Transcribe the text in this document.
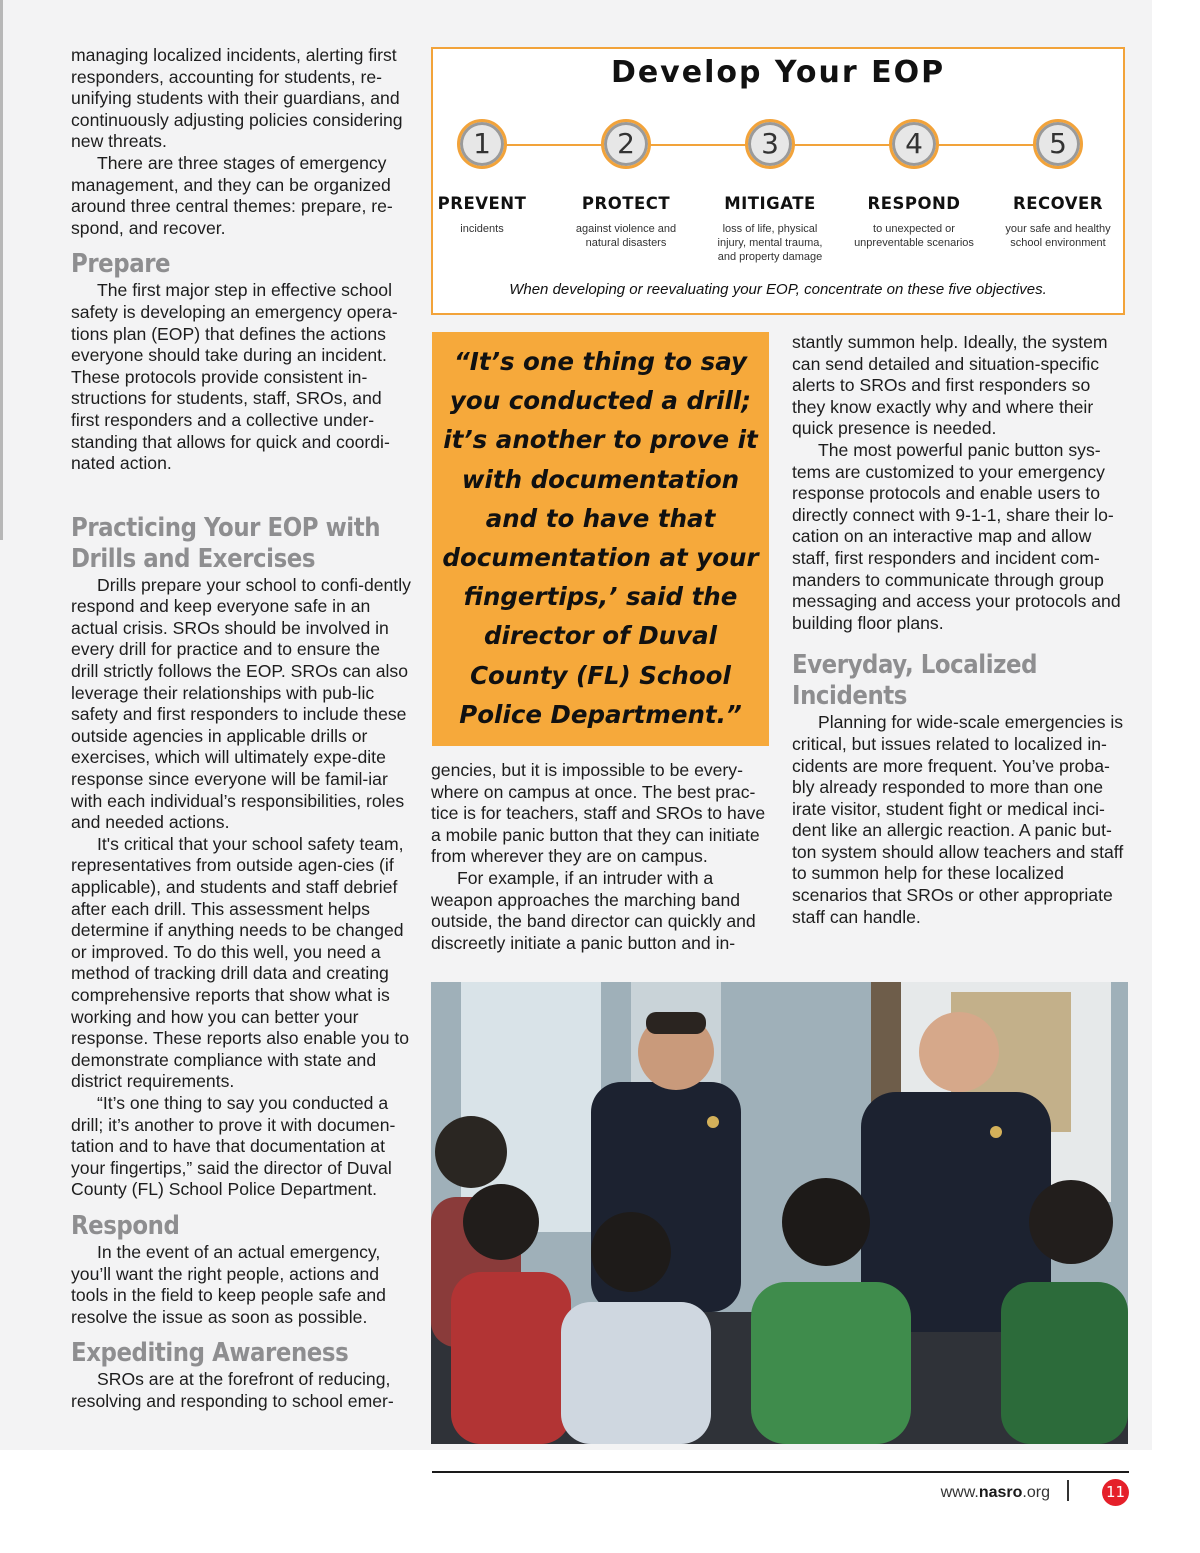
managing localized incidents, alerting first responders, accounting for students, re-unifying students with their guardians, and continuously adjusting policies considering new threats.

There are three stages of emergency management, and they can be organized around three central themes: prepare, re-spond, and recover.

Prepare

The first major step in effective school safety is developing an emergency opera-tions plan (EOP) that defines the actions everyone should take during an incident. These protocols provide consistent in-structions for students, staff, SROs, and first responders and a collective under-standing that allows for quick and coordi-nated action.

Practicing Your EOP with
Drills and Exercises

Drills prepare your school to confi-dently respond and keep everyone safe in an actual crisis. SROs should be involved in every drill for practice and to ensure the drill strictly follows the EOP. SROs can also leverage their relationships with pub-lic safety and first responders to include these outside agencies in applicable drills or exercises, which will ultimately expe-dite response since everyone will be famil-iar with each individual’s responsibilities, roles and needed actions.

It's critical that your school safety team, representatives from outside agen-cies (if applicable), and students and staff debrief after each drill. This assessment helps determine if anything needs to be changed or improved. To do this well, you need a method of tracking drill data and creating comprehensive reports that show what is working and how you can better your response. These reports also enable you to demonstrate compliance with state and district requirements.

“It’s one thing to say you conducted a drill; it’s another to prove it with documen-tation and to have that documentation at your fingertips,” said the director of Duval County (FL) School Police Department.

Respond

In the event of an actual emergency, you’ll want the right people, actions and tools in the field to keep people safe and resolve the issue as soon as possible.

Expediting Awareness

SROs are at the forefront of reducing, resolving and responding to school emer-

Develop Your EOP
1
PREVENT
incidents
2
PROTECT
against violence and natural disasters
3
MITIGATE
loss of life, physical injury, mental trauma, and property damage
4
RESPOND
to unexpected or unpreventable scenarios
5
RECOVER
your safe and healthy school environment
When developing or reevaluating your EOP, concentrate on these five objectives.
“It’s one thing to say you conducted a drill; it’s another to prove it with documentation and to have that documentation at your fingertips,’ said the director of Duval County (FL) School Police Department.”

gencies, but it is impossible to be every-where on campus at once. The best prac-tice is for teachers, staff and SROs to have a mobile panic button that they can initiate from wherever they are on campus.

For example, if an intruder with a weapon approaches the marching band outside, the band director can quickly and discreetly initiate a panic button and in-

stantly summon help. Ideally, the system can send detailed and situation-specific alerts to SROs and first responders so they know exactly why and where their quick presence is needed.

The most powerful panic button sys-tems are customized to your emergency response protocols and enable users to directly connect with 9-1-1, share their lo-cation on an interactive map and allow staff, first responders and incident com-manders to communicate through group messaging and access your protocols and building floor plans.

Everyday, Localized
Incidents

Planning for wide-scale emergencies is critical, but issues related to localized in-cidents are more frequent. You’ve proba-bly already responded to more than one irate visitor, student fight or medical inci-dent like an allergic reaction. A panic but-ton system should allow teachers and staff to summon help for these localized scenarios that SROs or other appropriate staff can handle.

www.nasro.org	11
